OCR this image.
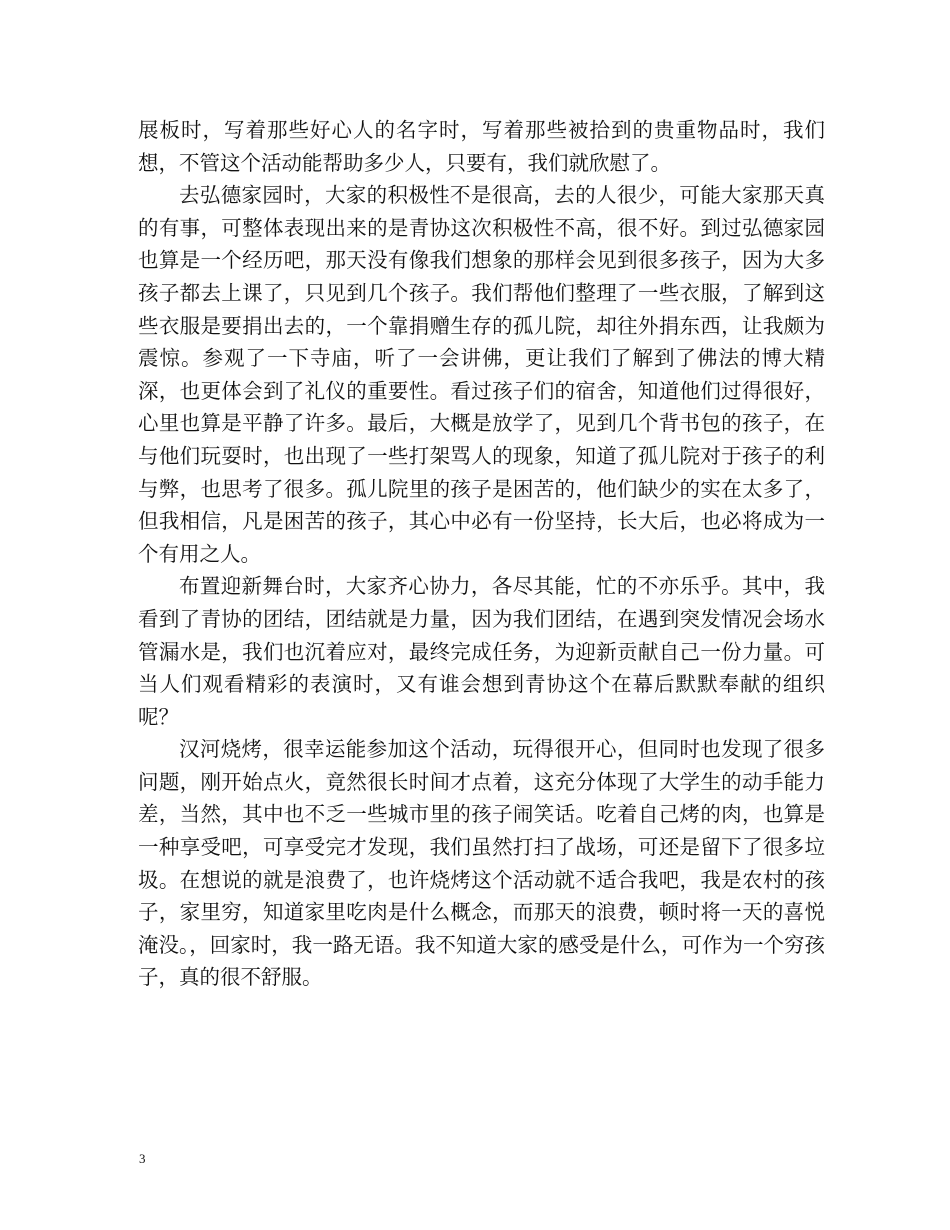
展板时，写着那些好心人的名字时，写着那些被拾到的贵重物品时，我们想，不管这个活动能帮助多少人，只要有，我们就欣慰了。

去弘德家园时，大家的积极性不是很高，去的人很少，可能大家那天真的有事，可整体表现出来的是青协这次积极性不高，很不好。到过弘德家园也算是一个经历吧，那天没有像我们想象的那样会见到很多孩子，因为大多孩子都去上课了，只见到几个孩子。我们帮他们整理了一些衣服，了解到这些衣服是要捐出去的，一个靠捐赠生存的孤儿院，却往外捐东西，让我颇为震惊。参观了一下寺庙，听了一会讲佛，更让我们了解到了佛法的博大精深，也更体会到了礼仪的重要性。看过孩子们的宿舍，知道他们过得很好，心里也算是平静了许多。最后，大概是放学了，见到几个背书包的孩子，在与他们玩耍时，也出现了一些打架骂人的现象，知道了孤儿院对于孩子的利与弊，也思考了很多。孤儿院里的孩子是困苦的，他们缺少的实在太多了，但我相信，凡是困苦的孩子，其心中必有一份坚持，长大后，也必将成为一个有用之人。

布置迎新舞台时，大家齐心协力，各尽其能，忙的不亦乐乎。其中，我看到了青协的团结，团结就是力量，因为我们团结，在遇到突发情况会场水管漏水是，我们也沉着应对，最终完成任务，为迎新贡献自己一份力量。可当人们观看精彩的表演时，又有谁会想到青协这个在幕后默默奉献的组织呢？

汉河烧烤，很幸运能参加这个活动，玩得很开心，但同时也发现了很多问题，刚开始点火，竟然很长时间才点着，这充分体现了大学生的动手能力差，当然，其中也不乏一些城市里的孩子闹笑话。吃着自己烤的肉，也算是一种享受吧，可享受完才发现，我们虽然打扫了战场，可还是留下了很多垃圾。在想说的就是浪费了，也许烧烤这个活动就不适合我吧，我是农村的孩子，家里穷，知道家里吃肉是什么概念，而那天的浪费，顿时将一天的喜悦淹没。，回家时，我一路无语。我不知道大家的感受是什么，可作为一个穷孩子，真的很不舒服。

3
